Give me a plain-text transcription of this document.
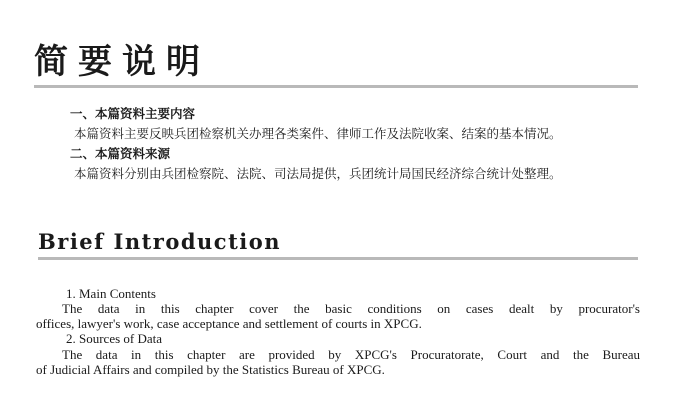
简要说明

一、本篇资料主要内容

本篇资料主要反映兵团检察机关办理各类案件、律师工作及法院收案、结案的基本情况。

二、本篇资料来源

本篇资料分别由兵团检察院、法院、司法局提供，兵团统计局国民经济综合统计处整理。

Brief Introduction

1. Main Contents

The data in this chapter cover the basic conditions on cases dealt by procurator's

offices, lawyer's work, case acceptance and settlement of courts in XPCG.

2. Sources of Data

The data in this chapter are provided by XPCG's Procuratorate, Court and the Bureau

of Judicial Affairs and compiled by the Statistics Bureau of XPCG.
